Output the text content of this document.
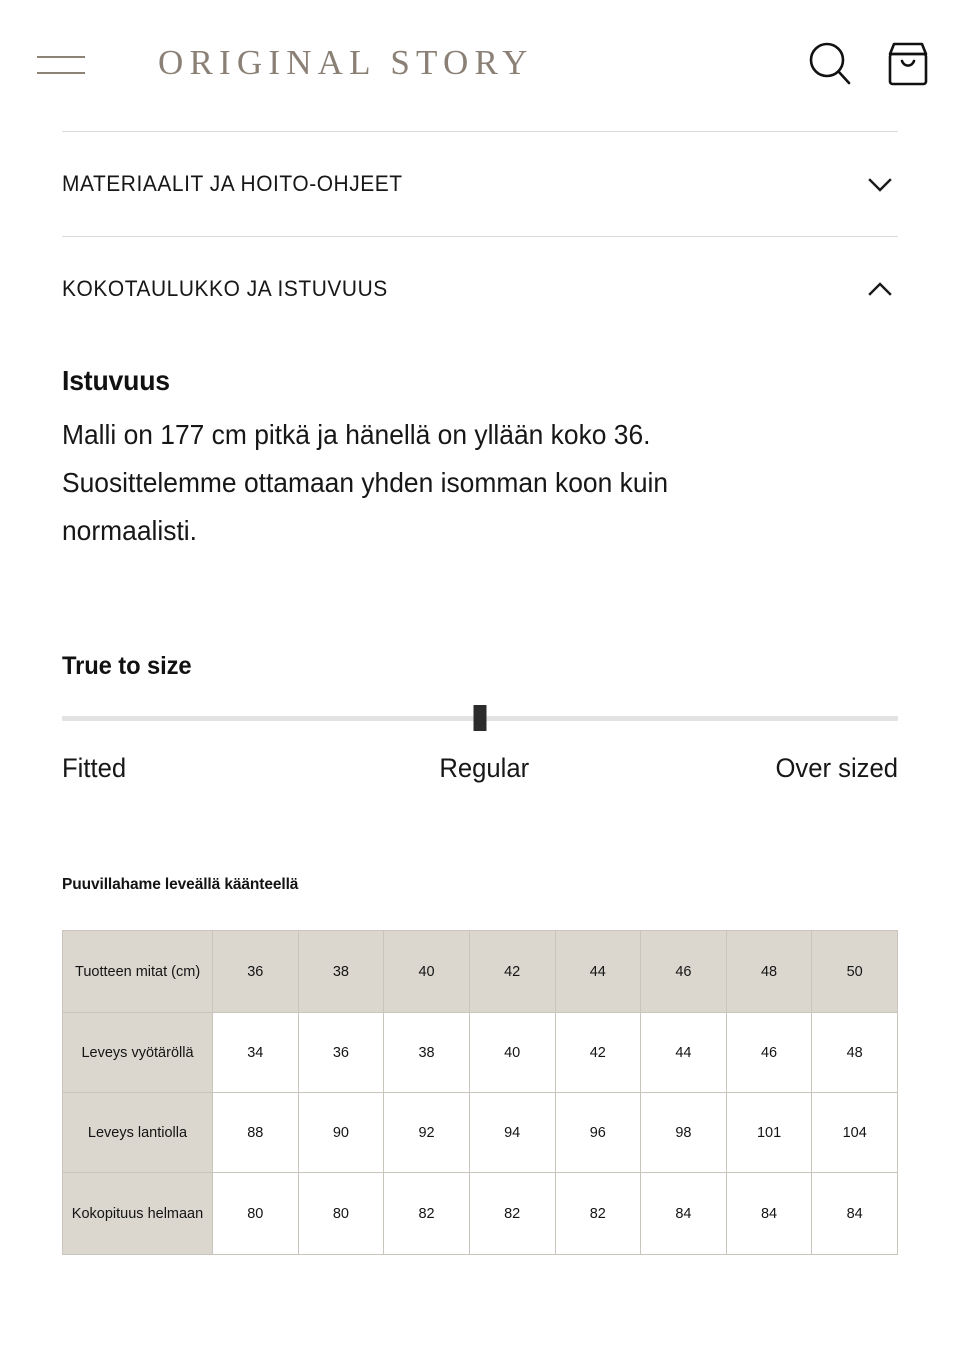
ORIGINAL STORY
MATERIAALIT JA HOITO-OHJEET
KOKOTAULUKKO JA ISTUVUUS
Istuvuus

Malli on 177 cm pitkä ja hänellä on yllään koko 36. Suosittelemme ottamaan yhden isomman koon kuin normaalisti.

True to size
Fitted	Regular	Over sized
Puuvillahame leveällä käänteellä
Tuotteen mitat (cm)	36	38	40	42	44	46	48	50
Leveys vyötäröllä	34	36	38	40	42	44	46	48
Leveys lantiolla	88	90	92	94	96	98	101	104
Kokopituus helmaan	80	80	82	82	82	84	84	84
